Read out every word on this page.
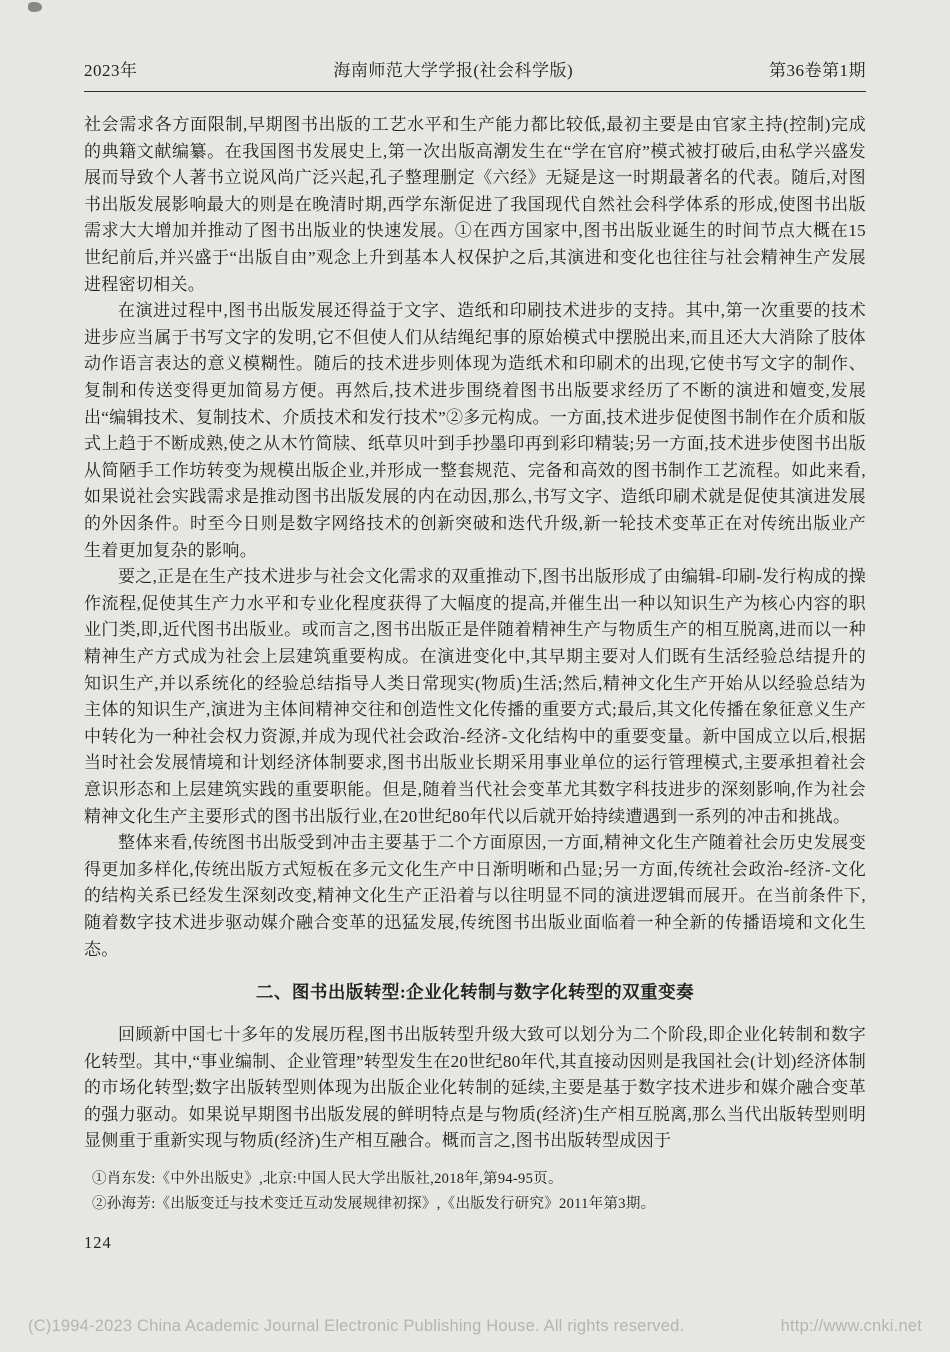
2023年	海南师范大学学报(社会科学版)	第36卷第1期

社会需求各方面限制,早期图书出版的工艺水平和生产能力都比较低,最初主要是由官家主持(控制)完成的典籍文献编纂。在我国图书发展史上,第一次出版高潮发生在“学在官府”模式被打破后,由私学兴盛发展而导致个人著书立说风尚广泛兴起,孔子整理删定《六经》无疑是这一时期最著名的代表。随后,对图书出版发展影响最大的则是在晚清时期,西学东渐促进了我国现代自然社会科学体系的形成,使图书出版需求大大增加并推动了图书出版业的快速发展。①在西方国家中,图书出版业诞生的时间节点大概在15世纪前后,并兴盛于“出版自由”观念上升到基本人权保护之后,其演进和变化也往往与社会精神生产发展进程密切相关。

在演进过程中,图书出版发展还得益于文字、造纸和印刷技术进步的支持。其中,第一次重要的技术进步应当属于书写文字的发明,它不但使人们从结绳纪事的原始模式中摆脱出来,而且还大大消除了肢体动作语言表达的意义模糊性。随后的技术进步则体现为造纸术和印刷术的出现,它使书写文字的制作、复制和传送变得更加简易方便。再然后,技术进步围绕着图书出版要求经历了不断的演进和嬗变,发展出“编辑技术、复制技术、介质技术和发行技术”②多元构成。一方面,技术进步促使图书制作在介质和版式上趋于不断成熟,使之从木竹简牍、纸草贝叶到手抄墨印再到彩印精装;另一方面,技术进步使图书出版从简陋手工作坊转变为规模出版企业,并形成一整套规范、完备和高效的图书制作工艺流程。如此来看,如果说社会实践需求是推动图书出版发展的内在动因,那么,书写文字、造纸印刷术就是促使其演进发展的外因条件。时至今日则是数字网络技术的创新突破和迭代升级,新一轮技术变革正在对传统出版业产生着更加复杂的影响。

要之,正是在生产技术进步与社会文化需求的双重推动下,图书出版形成了由编辑-印刷-发行构成的操作流程,促使其生产力水平和专业化程度获得了大幅度的提高,并催生出一种以知识生产为核心内容的职业门类,即,近代图书出版业。或而言之,图书出版正是伴随着精神生产与物质生产的相互脱离,进而以一种精神生产方式成为社会上层建筑重要构成。在演进变化中,其早期主要对人们既有生活经验总结提升的知识生产,并以系统化的经验总结指导人类日常现实(物质)生活;然后,精神文化生产开始从以经验总结为主体的知识生产,演进为主体间精神交往和创造性文化传播的重要方式;最后,其文化传播在象征意义生产中转化为一种社会权力资源,并成为现代社会政治-经济-文化结构中的重要变量。新中国成立以后,根据当时社会发展情境和计划经济体制要求,图书出版业长期采用事业单位的运行管理模式,主要承担着社会意识形态和上层建筑实践的重要职能。但是,随着当代社会变革尤其数字科技进步的深刻影响,作为社会精神文化生产主要形式的图书出版行业,在20世纪80年代以后就开始持续遭遇到一系列的冲击和挑战。

整体来看,传统图书出版受到冲击主要基于二个方面原因,一方面,精神文化生产随着社会历史发展变得更加多样化,传统出版方式短板在多元文化生产中日渐明晰和凸显;另一方面,传统社会政治-经济-文化的结构关系已经发生深刻改变,精神文化生产正沿着与以往明显不同的演进逻辑而展开。在当前条件下,随着数字技术进步驱动媒介融合变革的迅猛发展,传统图书出版业面临着一种全新的传播语境和文化生态。

二、图书出版转型:企业化转制与数字化转型的双重变奏

回顾新中国七十多年的发展历程,图书出版转型升级大致可以划分为二个阶段,即企业化转制和数字化转型。其中,“事业编制、企业管理”转型发生在20世纪80年代,其直接动因则是我国社会(计划)经济体制的市场化转型;数字出版转型则体现为出版企业化转制的延续,主要是基于数字技术进步和媒介融合变革的强力驱动。如果说早期图书出版发展的鲜明特点是与物质(经济)生产相互脱离,那么当代出版转型则明显侧重于重新实现与物质(经济)生产相互融合。概而言之,图书出版转型成因于

①肖东发:《中外出版史》,北京:中国人民大学出版社,2018年,第94-95页。
②孙海芳:《出版变迁与技术变迁互动发展规律初探》,《出版发行研究》2011年第3期。
124
(C)1994-2023 China Academic Journal Electronic Publishing House. All rights reserved.	http://www.cnki.net
